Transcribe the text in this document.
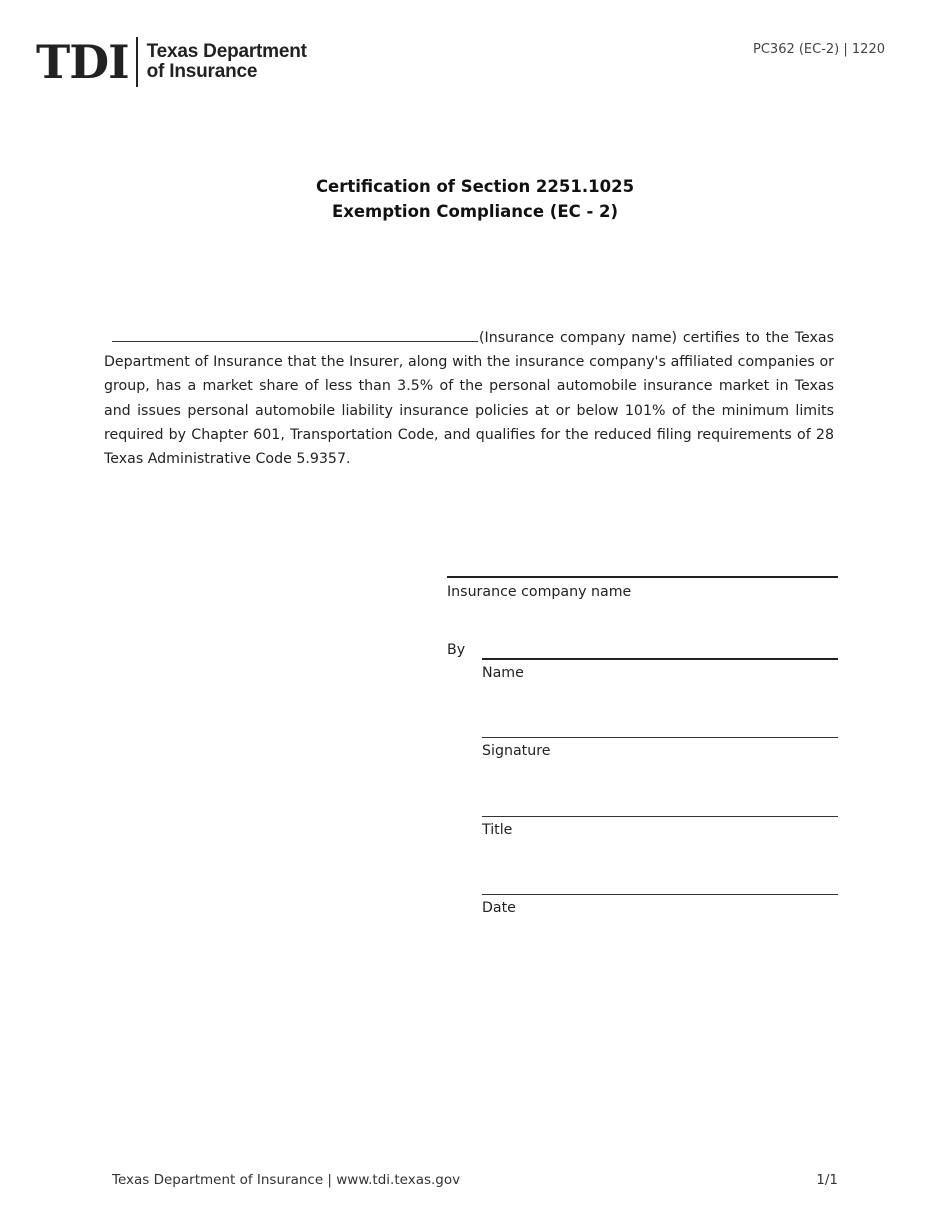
TDI Texas Department
of Insurance
PC362 (EC-2) | 1220
Certification of Section 2251.1025
Exemption Compliance (EC - 2)
(Insurance company name) certifies to the Texas Department of Insurance that the Insurer, along with the insurance company's affiliated companies or group, has a market share of less than 3.5% of the personal automobile insurance market in Texas and issues personal automobile liability insurance policies at or below 101% of the minimum limits required by Chapter 601, Transportation Code, and qualifies for the reduced filing requirements of 28 Texas Administrative Code 5.9357.
Insurance company name
By
Name
Signature
Title
Date
Texas Department of Insurance | www.tdi.texas.gov	1/1
